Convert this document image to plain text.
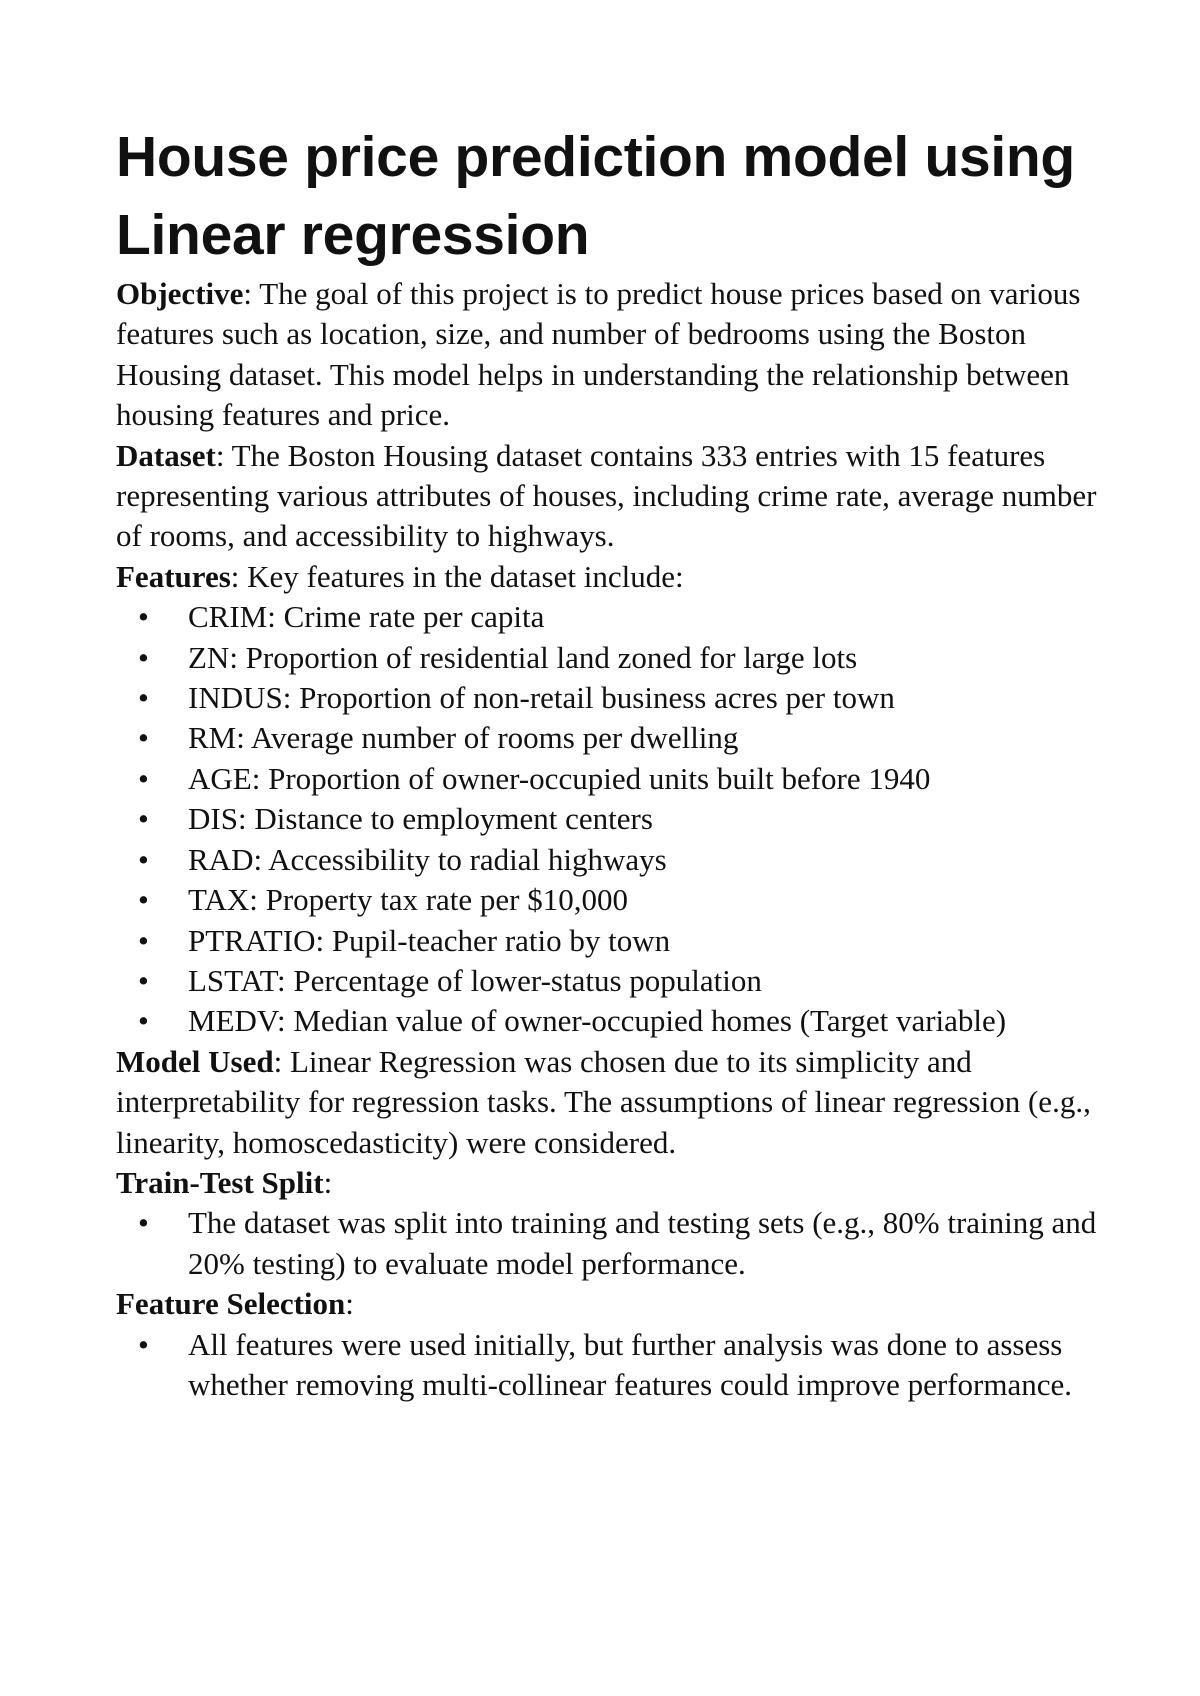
House price prediction model using Linear regression

Objective: The goal of this project is to predict house prices based on various features such as location, size, and number of bedrooms using the Boston Housing dataset. This model helps in understanding the relationship between housing features and price.

Dataset: The Boston Housing dataset contains 333 entries with 15 features representing various attributes of houses, including crime rate, average number of rooms, and accessibility to highways.

Features: Key features in the dataset include:

• CRIM: Crime rate per capita
• ZN: Proportion of residential land zoned for large lots
• INDUS: Proportion of non-retail business acres per town
• RM: Average number of rooms per dwelling
• AGE: Proportion of owner-occupied units built before 1940
• DIS: Distance to employment centers
• RAD: Accessibility to radial highways
• TAX: Property tax rate per $10,000
• PTRATIO: Pupil-teacher ratio by town
• LSTAT: Percentage of lower-status population
• MEDV: Median value of owner-occupied homes (Target variable)

Model Used: Linear Regression was chosen due to its simplicity and interpretability for regression tasks. The assumptions of linear regression (e.g., linearity, homoscedasticity) were considered.

Train-Test Split:

• The dataset was split into training and testing sets (e.g., 80% training and 20% testing) to evaluate model performance.

Feature Selection:

• All features were used initially, but further analysis was done to assess whether removing multi-collinear features could improve performance.
